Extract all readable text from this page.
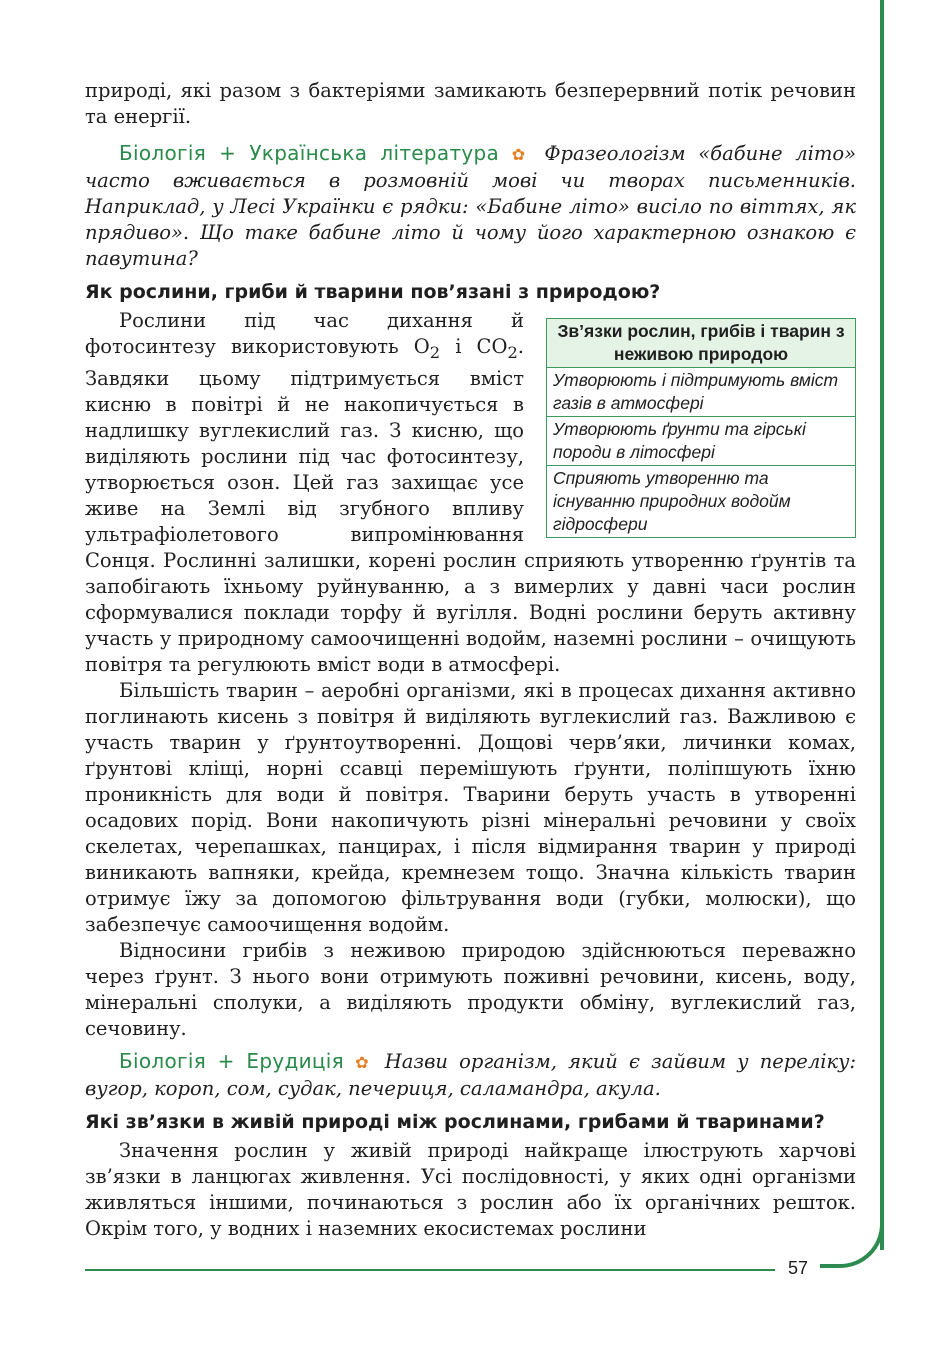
57

природі, які разом з бактеріями замикають безперервний потік речовин та енергії.

Біологія + Українська література ✿ Фразеологізм «бабине літо» часто вживається в розмовній мові чи творах письменників. Наприклад, у Лесі Українки є рядки: «Бабине літо» висіло по віттях, як прядиво». Що таке бабине літо й чому його характерною ознакою є павутина?

Як рослини, гриби й тварини пов’язані з природою?
Зв’язки рослин, грибів і тварин з неживою природою
Утворюють і підтримують вміст газів в атмосфері
Утворюють ґрунти та гірські породи в літосфері
Сприяють утворенню та існуванню природних водойм гідросфери

Рослини під час дихання й фотосинтезу використовують $O_2$ і $CO_2$. Завдяки цьому підтримується вміст кисню в повітрі й не накопичується в надлишку вуглекислий газ. З кисню, що виділяють рослини під час фотосинтезу, утворюється озон. Цей газ захищає усе живе на Землі від згубного впливу ультрафіолетового випромінювання Сонця. Рослинні залишки, корені рослин сприяють утворенню ґрунтів та запобігають їхньому руйнуванню, а з вимерлих у давні часи рослин сформувалися поклади торфу й вугілля. Водні рослини беруть активну участь у природному самоочищенні водойм, наземні рослини – очищують повітря та регулюють вміст води в атмосфері.

Більшість тварин – аеробні організми, які в процесах дихання активно поглинають кисень з повітря й виділяють вуглекислий газ. Важливою є участь тварин у ґрунтоутворенні. Дощові черв’яки, личинки комах, ґрунтові кліщі, норні ссавці перемішують ґрунти, поліпшують їхню проникність для води й повітря. Тварини беруть участь в утворенні осадових порід. Вони накопичують різні мінеральні речовини у своїх скелетах, черепашках, панцирах, і після відмирання тварин у природі виникають вапняки, крейда, кремнезем тощо. Значна кількість тварин отримує їжу за допомогою фільтрування води (губки, молюски), що забезпечує самоочищення водойм.

Відносини грибів з неживою природою здійснюються переважно через ґрунт. З нього вони отримують поживні речовини, кисень, воду, мінеральні сполуки, а виділяють продукти обміну, вуглекислий газ, сечовину.

Біологія + Ерудиція ✿ Назви організм, який є зайвим у переліку: вугор, короп, сом, судак, печериця, саламандра, акула.

Які зв’язки в живій природі між рослинами, грибами й тваринами?

Значення рослин у живій природі найкраще ілюструють харчові зв’язки в ланцюгах живлення. Усі послідовності, у яких одні організми живляться іншими, починаються з рослин або їх органічних решток. Окрім того, у водних і наземних екосистемах рослини
